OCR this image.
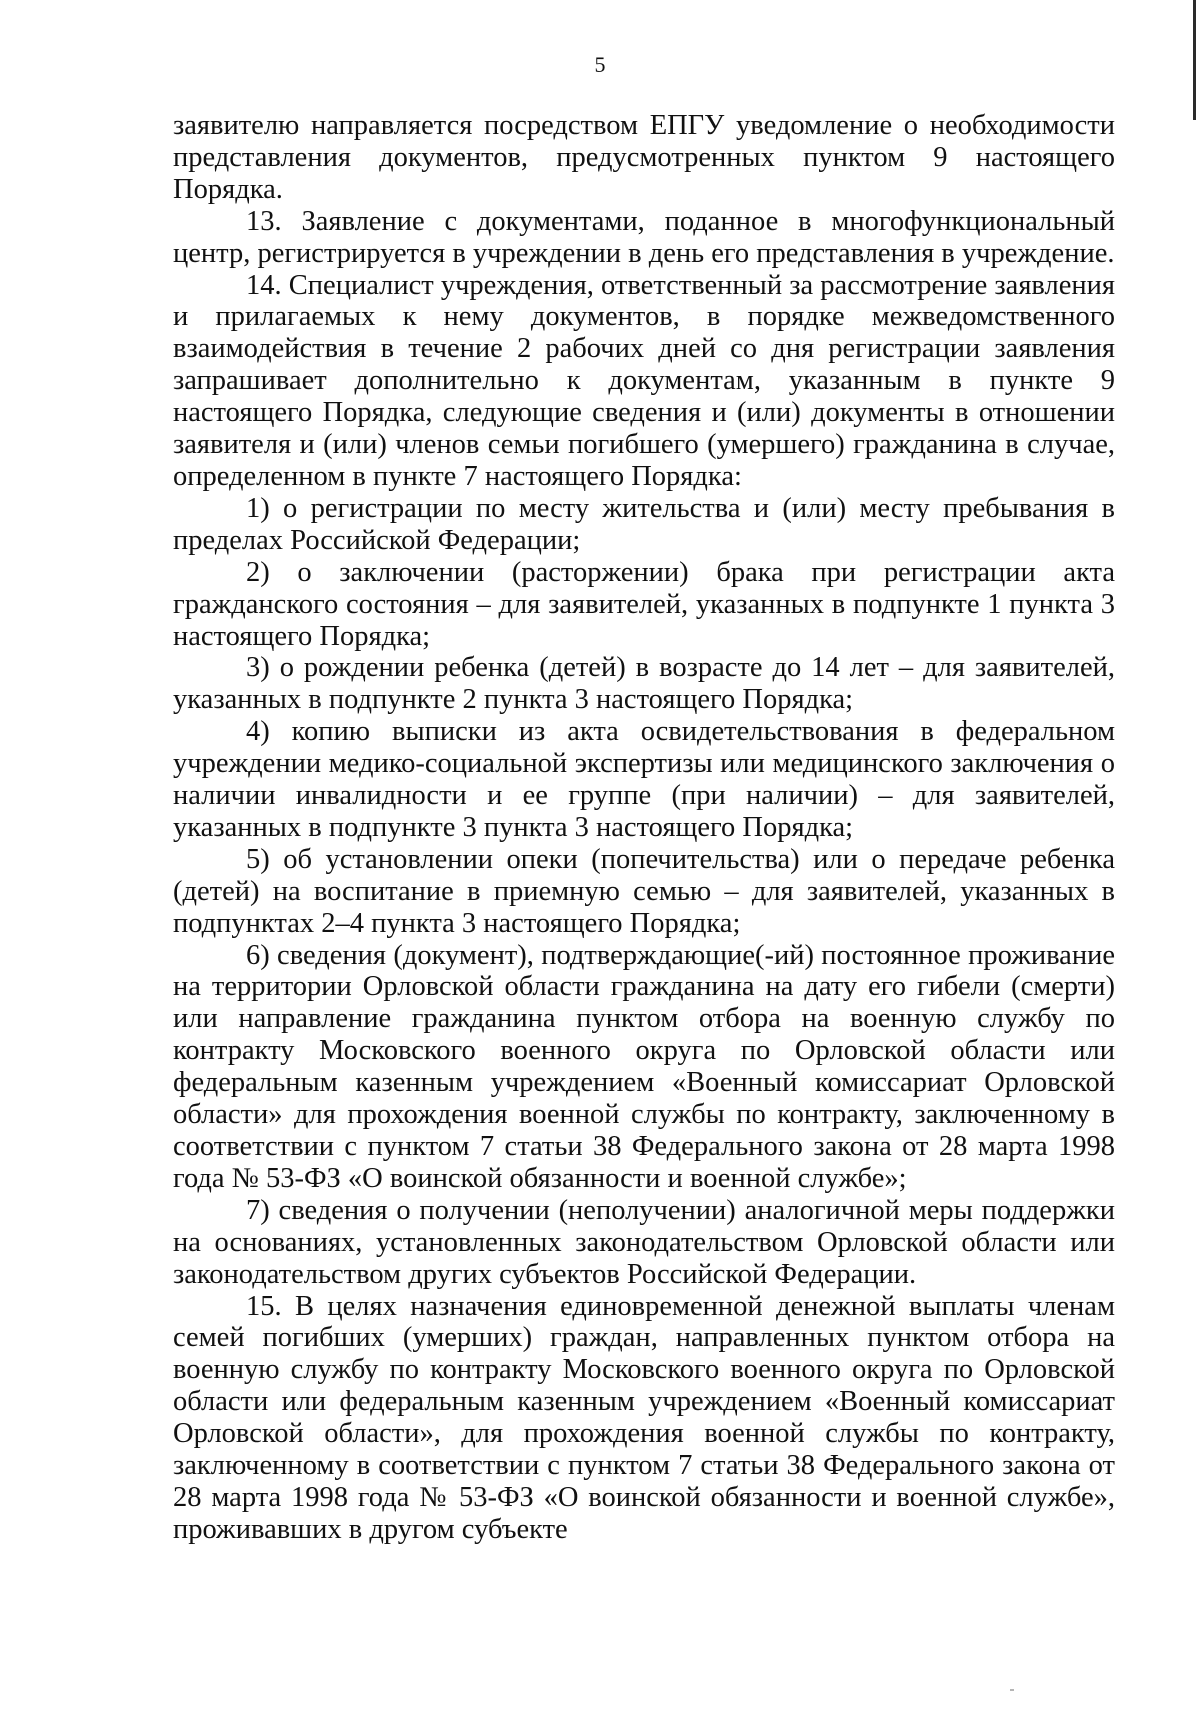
5

заявителю направляется посредством ЕПГУ уведомление о необходимости представления документов, предусмотренных пунктом 9 настоящего Порядка.

13. Заявление с документами, поданное в многофункциональный центр, регистрируется в учреждении в день его представления в учреждение.

14. Специалист учреждения, ответственный за рассмотрение заявления и прилагаемых к нему документов, в порядке межведомственного взаимодействия в течение 2 рабочих дней со дня регистрации заявления запрашивает дополнительно к документам, указанным в пункте 9 настоящего Порядка, следующие сведения и (или) документы в отношении заявителя и (или) членов семьи погибшего (умершего) гражданина в случае, определенном в пункте 7 настоящего Порядка:

1) о регистрации по месту жительства и (или) месту пребывания в пределах Российской Федерации;

2) о заключении (расторжении) брака при регистрации акта гражданского состояния – для заявителей, указанных в подпункте 1 пункта 3 настоящего Порядка;

3) о рождении ребенка (детей) в возрасте до 14 лет – для заявителей, указанных в подпункте 2 пункта 3 настоящего Порядка;

4) копию выписки из акта освидетельствования в федеральном учреждении медико-социальной экспертизы или медицинского заключения о наличии инвалидности и ее группе (при наличии) – для заявителей, указанных в подпункте 3 пункта 3 настоящего Порядка;

5) об установлении опеки (попечительства) или о передаче ребенка (детей) на воспитание в приемную семью – для заявителей, указанных в подпунктах 2–4 пункта 3 настоящего Порядка;

6) сведения (документ), подтверждающие(-ий) постоянное проживание на территории Орловской области гражданина на дату его гибели (смерти) или направление гражданина пунктом отбора на военную службу по контракту Московского военного округа по Орловской области или федеральным казенным учреждением «Военный комиссариат Орловской области» для прохождения военной службы по контракту, заключенному в соответствии с пунктом 7 статьи 38 Федерального закона от 28 марта 1998 года № 53-ФЗ «О воинской обязанности и военной службе»;

7) сведения о получении (неполучении) аналогичной меры поддержки на основаниях, установленных законодательством Орловской области или законодательством других субъектов Российской Федерации.

15. В целях назначения единовременной денежной выплаты членам семей погибших (умерших) граждан, направленных пунктом отбора на военную службу по контракту Московского военного округа по Орловской области или федеральным казенным учреждением «Военный комиссариат Орловской области», для прохождения военной службы по контракту, заключенному в соответствии с пунктом 7 статьи 38 Федерального закона от 28 марта 1998 года № 53-ФЗ «О воинской обязанности и военной службе», проживавших в другом субъекте
